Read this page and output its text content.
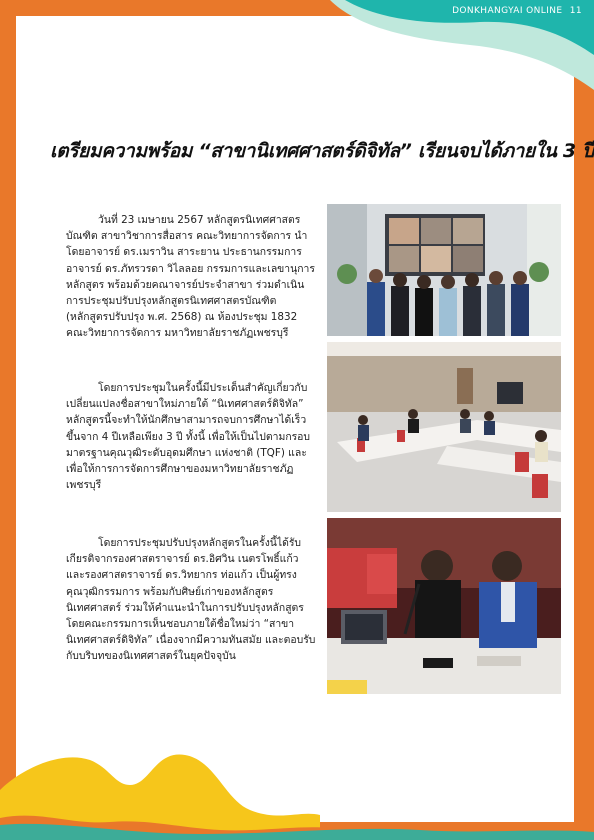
DONKHANGYAI ONLINE 11
เตรียมความพร้อม “สาขานิเทศศาสตร์ดิจิทัล” เรียนจบได้ภายใน 3 ปี

วันที่ 23 เมษายน 2567 หลักสูตรนิเทศศาสตรบัณฑิต สาขาวิชาการสื่อสาร คณะวิทยาการจัดการ นำโดยอาจารย์ ดร.เมราวิน สาระยาน ประธานกรรมการ อาจารย์ ดร.ภัทรวรดา วิไลลอย กรรมการและเลขานุการหลักสูตร พร้อมด้วยคณาจารย์ประจำสาขา ร่วมดำเนินการประชุมปรับปรุงหลักสูตรนิเทศศาสตรบัณฑิต (หลักสูตรปรับปรุง พ.ศ. 2568) ณ ห้องประชุม 1832 คณะวิทยาการจัดการ มหาวิทยาลัยราชภัฏเพชรบุรี

โดยการประชุมในครั้งนี้มีประเด็นสำคัญเกี่ยวกับเปลี่ยนแปลงชื่อสาขาใหม่ภายใต้ “นิเทศศาสตร์ดิจิทัล” หลักสูตรนี้จะทำให้นักศึกษาสามารถจบการศึกษาได้เร็วขึ้นจาก 4 ปีเหลือเพียง 3 ปี ทั้งนี้ เพื่อให้เป็นไปตามกรอบมาตรฐานคุณวุฒิระดับอุดมศึกษา แห่งชาติ (TQF) และเพื่อให้การการจัดการศึกษาของมหาวิทยาลัยราชภัฏเพชรบุรี

โดยการประชุมปรับปรุงหลักสูตรในครั้งนี้ได้รับเกียรติจากรองศาสตราจารย์ ดร.อิศวิน เนตรโพธิ์แก้ว และรองศาสตราจารย์ ดร.วิทยากร ท่อแก้ว เป็นผู้ทรงคุณวุฒิกรรมการ พร้อมกับศิษย์เก่าของหลักสูตรนิเทศศาสตร์ ร่วมให้คำแนะนำในการปรับปรุงหลักสูตร โดยคณะกรรมการเห็นชอบภายใต้ชื่อใหม่ว่า “สาขานิเทศศาสตร์ดิจิทัล” เนื่องจากมีความทันสมัย และตอบรับกับบริบทของนิเทศศาสตร์ในยุคปัจจุบัน
